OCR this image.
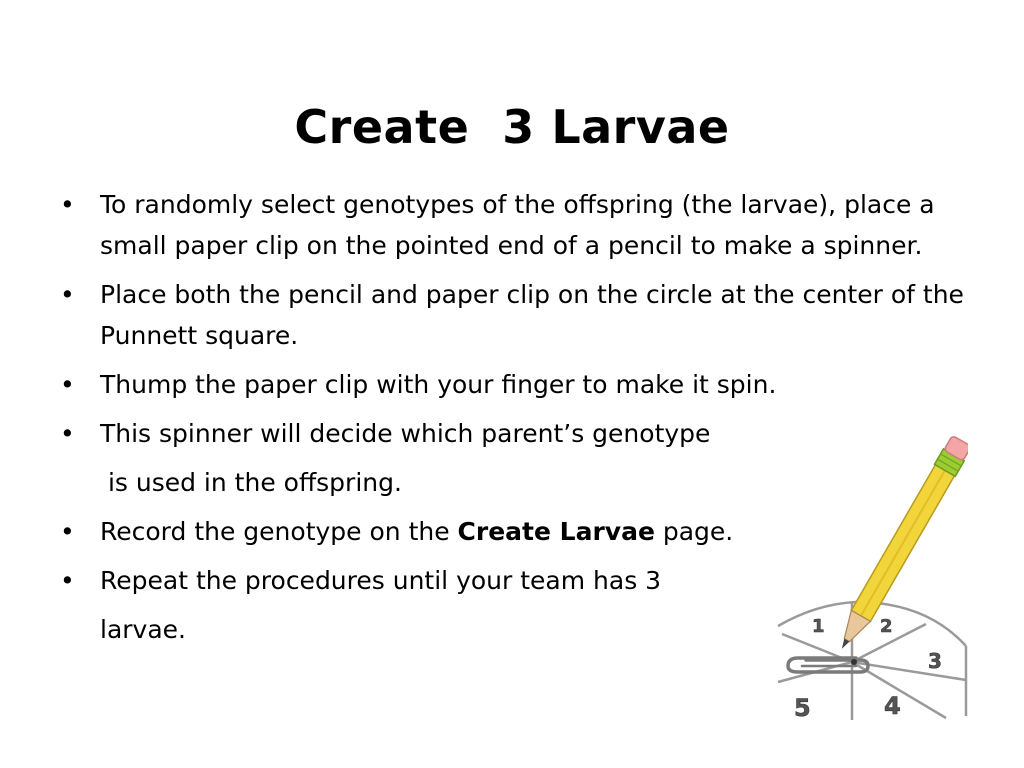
Create  3 Larvae
• To randomly select genotypes of the offspring (the larvae), place a small paper clip on the pointed end of a pencil to make a spinner.
• Place both the pencil and paper clip on the circle at the center of the Punnett square.
• Thump the paper clip with your finger to make it spin.
• This spinner will decide which parent’s genotype
is used in the offspring.
• Record the genotype on the Create Larvae page.
• Repeat the procedures until your team has 3
larvae.	1	2
3
4
5
